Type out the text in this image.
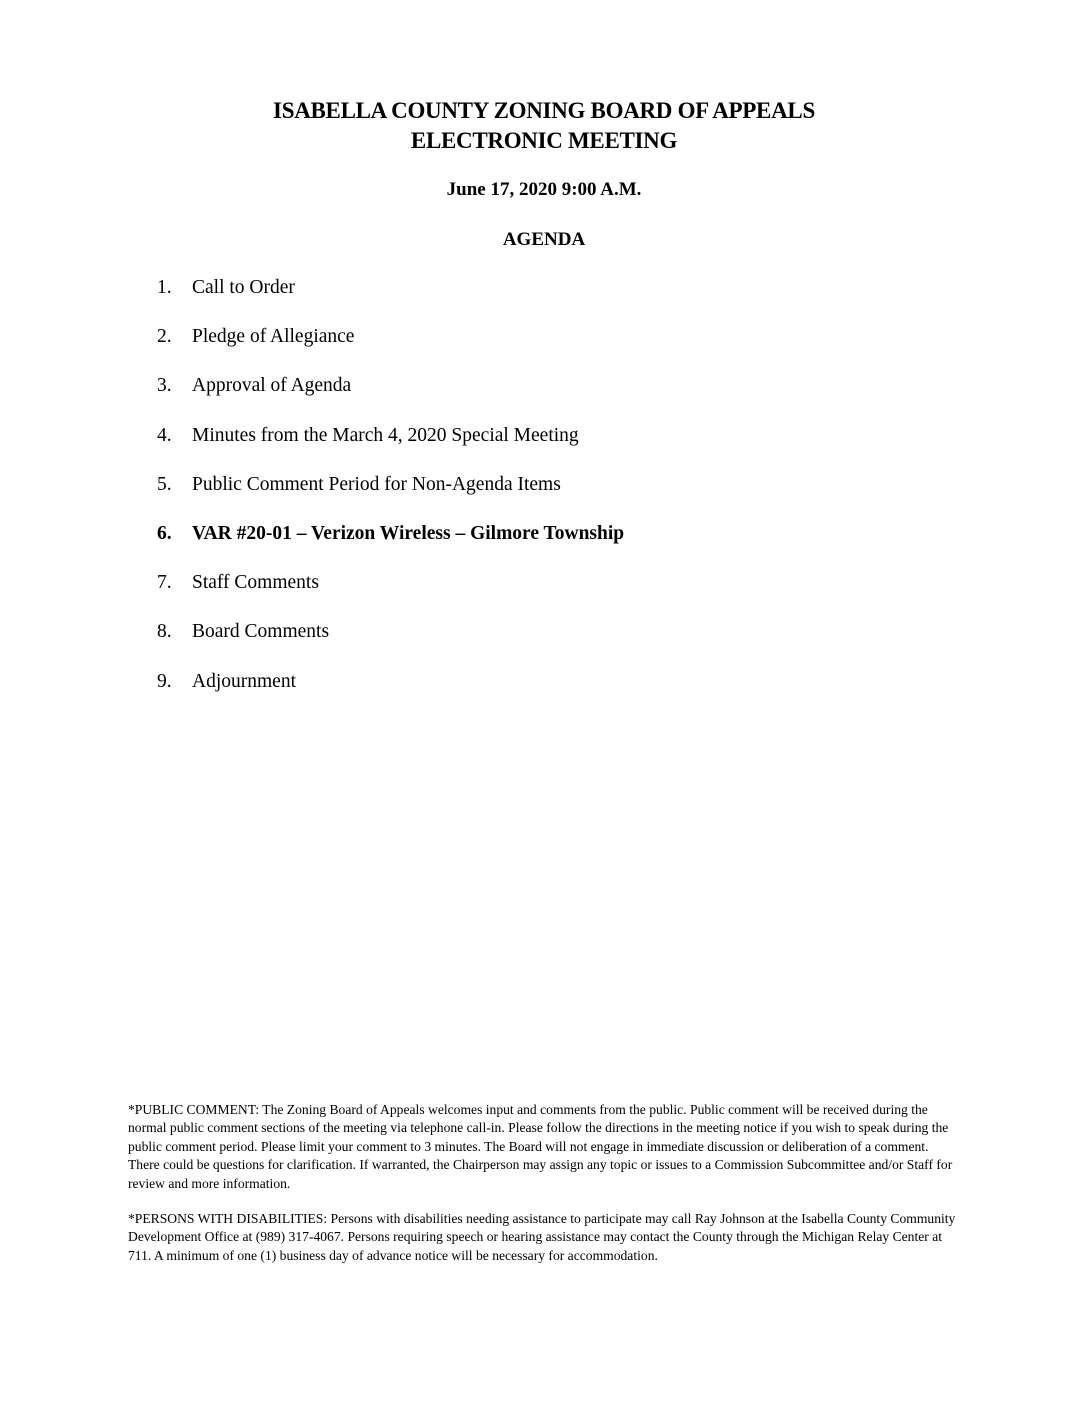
ISABELLA COUNTY ZONING BOARD OF APPEALS
ELECTRONIC MEETING
June 17, 2020 9:00 A.M.
AGENDA
1. Call to Order
2. Pledge of Allegiance
3. Approval of Agenda
4. Minutes from the March 4, 2020 Special Meeting
5. Public Comment Period for Non-Agenda Items
6. VAR #20-01 – Verizon Wireless – Gilmore Township
7. Staff Comments
8. Board Comments
9. Adjournment

*PUBLIC COMMENT: The Zoning Board of Appeals welcomes input and comments from the public. Public comment will be received during the normal public comment sections of the meeting via telephone call-in. Please follow the directions in the meeting notice if you wish to speak during the public comment period. Please limit your comment to 3 minutes. The Board will not engage in immediate discussion or deliberation of a comment. There could be questions for clarification. If warranted, the Chairperson may assign any topic or issues to a Commission Subcommittee and/or Staff for review and more information.

*PERSONS WITH DISABILITIES: Persons with disabilities needing assistance to participate may call Ray Johnson at the Isabella County Community Development Office at (989) 317-4067. Persons requiring speech or hearing assistance may contact the County through the Michigan Relay Center at 711. A minimum of one (1) business day of advance notice will be necessary for accommodation.
